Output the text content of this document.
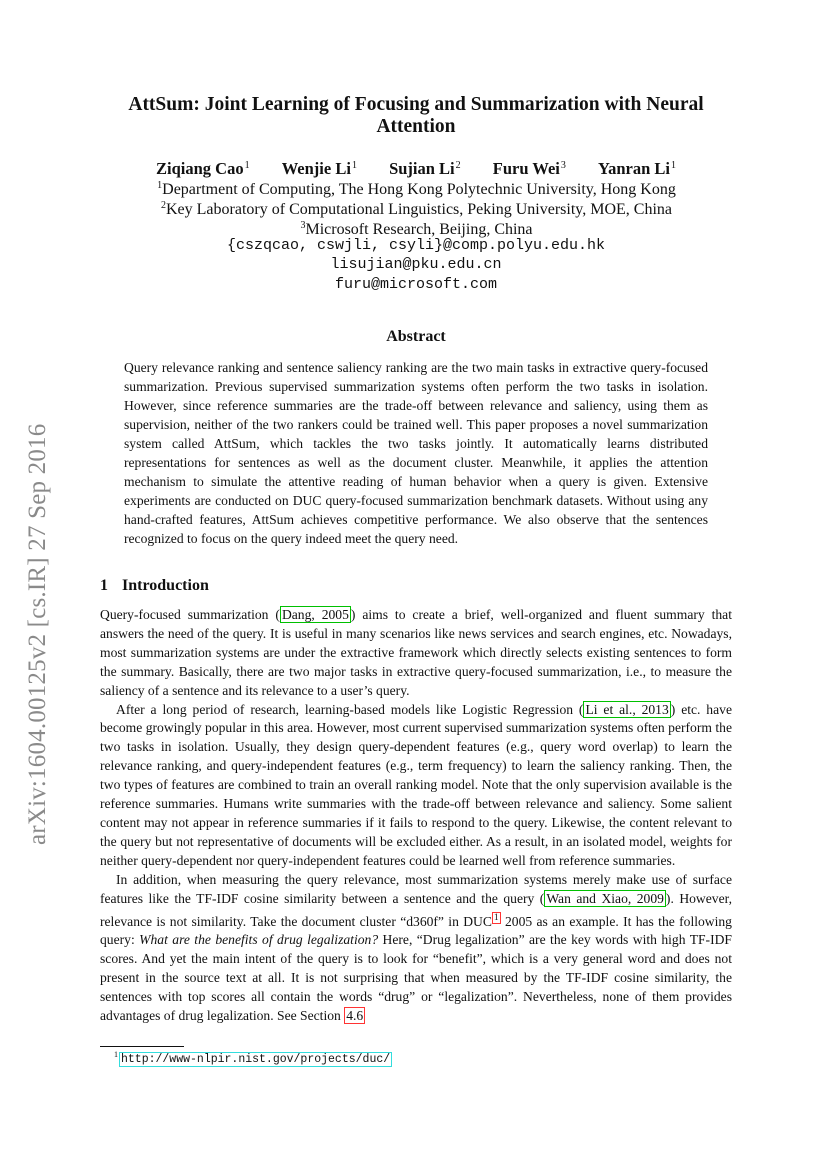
arXiv:1604.00125v2 [cs.IR] 27 Sep 2016
AttSum: Joint Learning of Focusing and Summarization with Neural Attention
Ziqiang Cao$^1$ Wenjie Li$^1$ Sujian Li$^2$ Furu Wei$^3$ Yanran Li$^1$
$^1$Department of Computing, The Hong Kong Polytechnic University, Hong Kong
$^2$Key Laboratory of Computational Linguistics, Peking University, MOE, China
$^3$Microsoft Research, Beijing, China
{cszqcao, cswjli, csyli}@comp.polyu.edu.hk
lisujian@pku.edu.cn
furu@microsoft.com
Abstract
Query relevance ranking and sentence saliency ranking are the two main tasks in extractive query-focused summarization. Previous supervised summarization systems often perform the two tasks in isolation. However, since reference summaries are the trade-off between relevance and saliency, using them as supervision, neither of the two rankers could be trained well. This paper proposes a novel summarization system called AttSum, which tackles the two tasks jointly. It automatically learns distributed representations for sentences as well as the document cluster. Meanwhile, it applies the attention mechanism to simulate the attentive reading of human behavior when a query is given. Extensive experiments are conducted on DUC query-focused summarization benchmark datasets. Without using any hand-crafted features, AttSum achieves competitive performance. We also observe that the sentences recognized to focus on the query indeed meet the query need.
1 Introduction

Query-focused summarization ( Dang, 2005 ) aims to create a brief, well-organized and fluent summary that answers the need of the query. It is useful in many scenarios like news services and search engines, etc. Nowadays, most summarization systems are under the extractive framework which directly selects existing sentences to form the summary. Basically, there are two major tasks in extractive query-focused summarization, i.e., to measure the saliency of a sentence and its relevance to a user’s query.

After a long period of research, learning-based models like Logistic Regression ( Li et al., 2013 ) etc. have become growingly popular in this area. However, most current supervised summarization systems often perform the two tasks in isolation. Usually, they design query-dependent features (e.g., query word overlap) to learn the relevance ranking, and query-independent features (e.g., term frequency) to learn the saliency ranking. Then, the two types of features are combined to train an overall ranking model. Note that the only supervision available is the reference summaries. Humans write summaries with the trade-off between relevance and saliency. Some salient content may not appear in reference summaries if it fails to respond to the query. Likewise, the content relevant to the query but not representative of documents will be excluded either. As a result, in an isolated model, weights for neither query-dependent nor query-independent features could be learned well from reference summaries.

In addition, when measuring the query relevance, most summarization systems merely make use of surface features like the TF-IDF cosine similarity between a sentence and the query ( Wan and Xiao, 2009 ). However, relevance is not similarity. Take the document cluster “d360f” in DUC $^1$ 2005 as an example. It has the following query: What are the benefits of drug legalization? Here, “Drug legalization” are the key words with high TF-IDF scores. And yet the main intent of the query is to look for “benefit”, which is a very general word and does not present in the source text at all. It is not surprising that when measured by the TF-IDF cosine similarity, the sentences with top scores all contain the words “drug” or “legalization”. Nevertheless, none of them provides advantages of drug legalization. See Section 4.6

$^1$ http://www-nlpir.nist.gov/projects/duc/
